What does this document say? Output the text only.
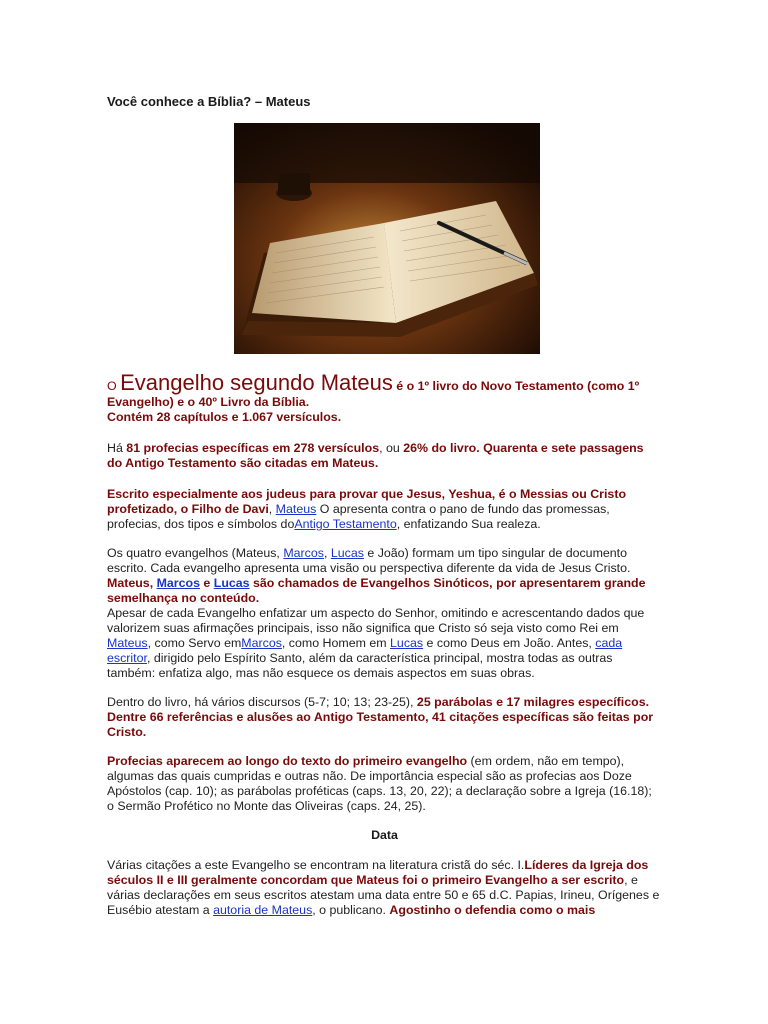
Você conhece a Bíblia? – Mateus
O Evangelho segundo Mateus é o 1º livro do Novo Testamento (como 1º Evangelho) e o 40º Livro da Bíblia.
Contém 28 capítulos e 1.067 versículos.
Há 81 profecias específicas em 278 versículos, ou 26% do livro. Quarenta e sete passagens do Antigo Testamento são citadas em Mateus.
Escrito especialmente aos judeus para provar que Jesus, Yeshua, é o Messias ou Cristo profetizado, o Filho de Davi, Mateus O apresenta contra o pano de fundo das promessas, profecias, dos tipos e símbolos doAntigo Testamento, enfatizando Sua realeza.
Os quatro evangelhos (Mateus, Marcos, Lucas e João) formam um tipo singular de documento escrito. Cada evangelho apresenta uma visão ou perspectiva diferente da vida de Jesus Cristo. Mateus, Marcos e Lucas são chamados de Evangelhos Sinóticos, por apresentarem grande semelhança no conteúdo.
Apesar de cada Evangelho enfatizar um aspecto do Senhor, omitindo e acrescentando dados que valorizem suas afirmações principais, isso não significa que Cristo só seja visto como Rei em Mateus, como Servo emMarcos, como Homem em Lucas e como Deus em João. Antes, cada escritor, dirigido pelo Espírito Santo, além da característica principal, mostra todas as outras também: enfatiza algo, mas não esquece os demais aspectos em suas obras.
Dentro do livro, há vários discursos (5-7; 10; 13; 23-25), 25 parábolas e 17 milagres específicos. Dentre 66 referências e alusões ao Antigo Testamento, 41 citações específicas são feitas por Cristo.
Profecias aparecem ao longo do texto do primeiro evangelho (em ordem, não em tempo), algumas das quais cumpridas e outras não. De importância especial são as profecias aos Doze Apóstolos (cap. 10); as parábolas proféticas (caps. 13, 20, 22); a declaração sobre a Igreja (16.18); o Sermão Profético no Monte das Oliveiras (caps. 24, 25).
Data
Várias citações a este Evangelho se encontram na literatura cristã do séc. I.Líderes da Igreja dos séculos II e III geralmente concordam que Mateus foi o primeiro Evangelho a ser escrito, e várias declarações em seus escritos atestam uma data entre 50 e 65 d.C. Papias, Irineu, Orígenes e Eusébio atestam a autoria de Mateus, o publicano. Agostinho o defendia como o mais
